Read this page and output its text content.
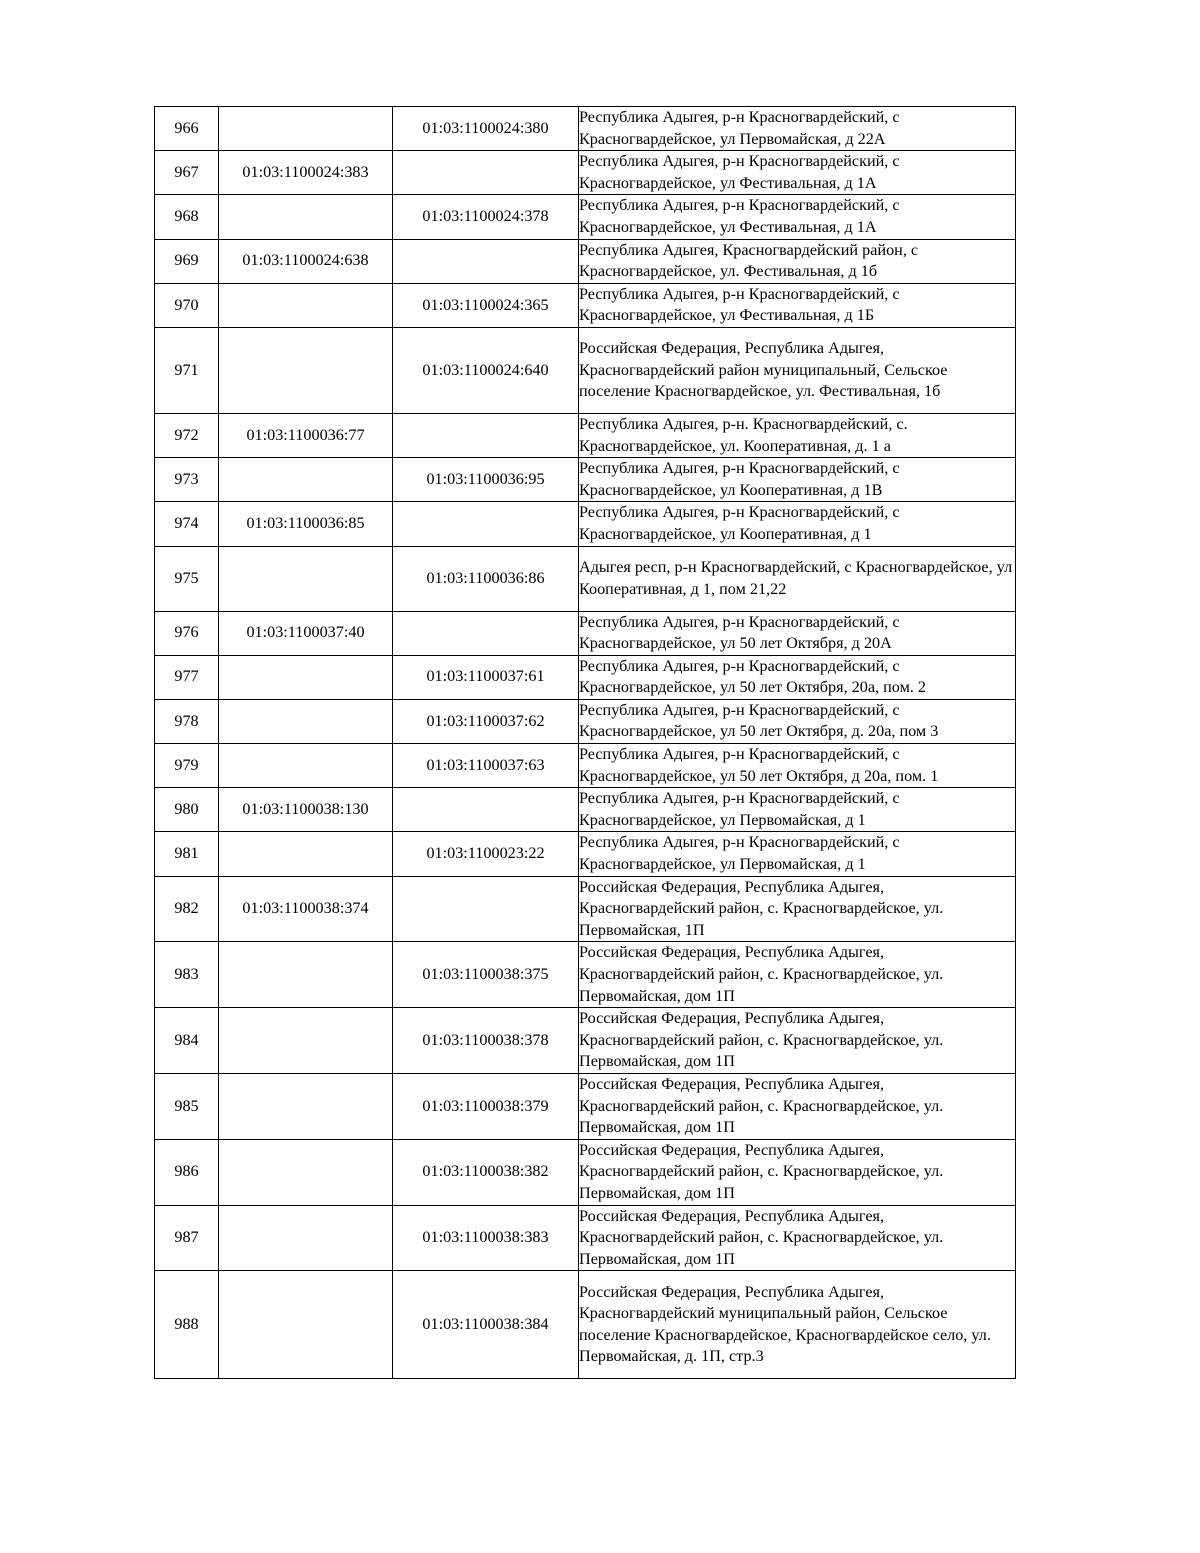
966		01:03:1100024:380	Республика Адыгея, р-н Красногвардейский, с Красногвардейское, ул Первомайская, д 22А
967	01:03:1100024:383		Республика Адыгея, р-н Красногвардейский, с Красногвардейское, ул Фестивальная, д 1А
968		01:03:1100024:378	Республика Адыгея, р-н Красногвардейский, с Красногвардейское, ул Фестивальная, д 1А
969	01:03:1100024:638		Республика Адыгея, Красногвардейский район, с Красногвардейское, ул. Фестивальная, д 1б
970		01:03:1100024:365	Республика Адыгея, р-н Красногвардейский, с Красногвардейское, ул Фестивальная, д 1Б
971		01:03:1100024:640	Российская Федерация, Республика Адыгея, Красногвардейский район муниципальный, Сельское поселение Красногвардейское, ул. Фестивальная, 1б
972	01:03:1100036:77		Республика Адыгея, р-н. Красногвардейский, с. Красногвардейское, ул. Кооперативная, д. 1 а
973		01:03:1100036:95	Республика Адыгея, р-н Красногвардейский, с Красногвардейское, ул Кооперативная, д 1В
974	01:03:1100036:85		Республика Адыгея, р-н Красногвардейский, с Красногвардейское, ул Кооперативная, д 1
975		01:03:1100036:86	Адыгея респ, р-н Красногвардейский, с Красногвардейское, ул Кооперативная, д 1, пом 21,22
976	01:03:1100037:40		Республика Адыгея, р-н Красногвардейский, с Красногвардейское, ул 50 лет Октября, д 20А
977		01:03:1100037:61	Республика Адыгея, р-н Красногвардейский, с Красногвардейское, ул 50 лет Октября, 20а, пом. 2
978		01:03:1100037:62	Республика Адыгея, р-н Красногвардейский, с Красногвардейское, ул 50 лет Октября, д. 20а, пом 3
979		01:03:1100037:63	Республика Адыгея, р-н Красногвардейский, с Красногвардейское, ул 50 лет Октября, д 20а, пом. 1
980	01:03:1100038:130		Республика Адыгея, р-н Красногвардейский, с Красногвардейское, ул Первомайская, д 1
981		01:03:1100023:22	Республика Адыгея, р-н Красногвардейский, с Красногвардейское, ул Первомайская, д 1
982	01:03:1100038:374		Российская Федерация, Республика Адыгея, Красногвардейский район, с. Красногвардейское, ул. Первомайская, 1П
983		01:03:1100038:375	Российская Федерация, Республика Адыгея, Красногвардейский район, с. Красногвардейское, ул. Первомайская, дом 1П
984		01:03:1100038:378	Российская Федерация, Республика Адыгея, Красногвардейский район, с. Красногвардейское, ул. Первомайская, дом 1П
985		01:03:1100038:379	Российская Федерация, Республика Адыгея, Красногвардейский район, с. Красногвардейское, ул. Первомайская, дом 1П
986		01:03:1100038:382	Российская Федерация, Республика Адыгея, Красногвардейский район, с. Красногвардейское, ул. Первомайская, дом 1П
987		01:03:1100038:383	Российская Федерация, Республика Адыгея, Красногвардейский район, с. Красногвардейское, ул. Первомайская, дом 1П
988		01:03:1100038:384	Российская Федерация, Республика Адыгея, Красногвардейский муниципальный район, Сельское поселение Красногвардейское, Красногвардейское село, ул. Первомайская, д. 1П, стр.3
